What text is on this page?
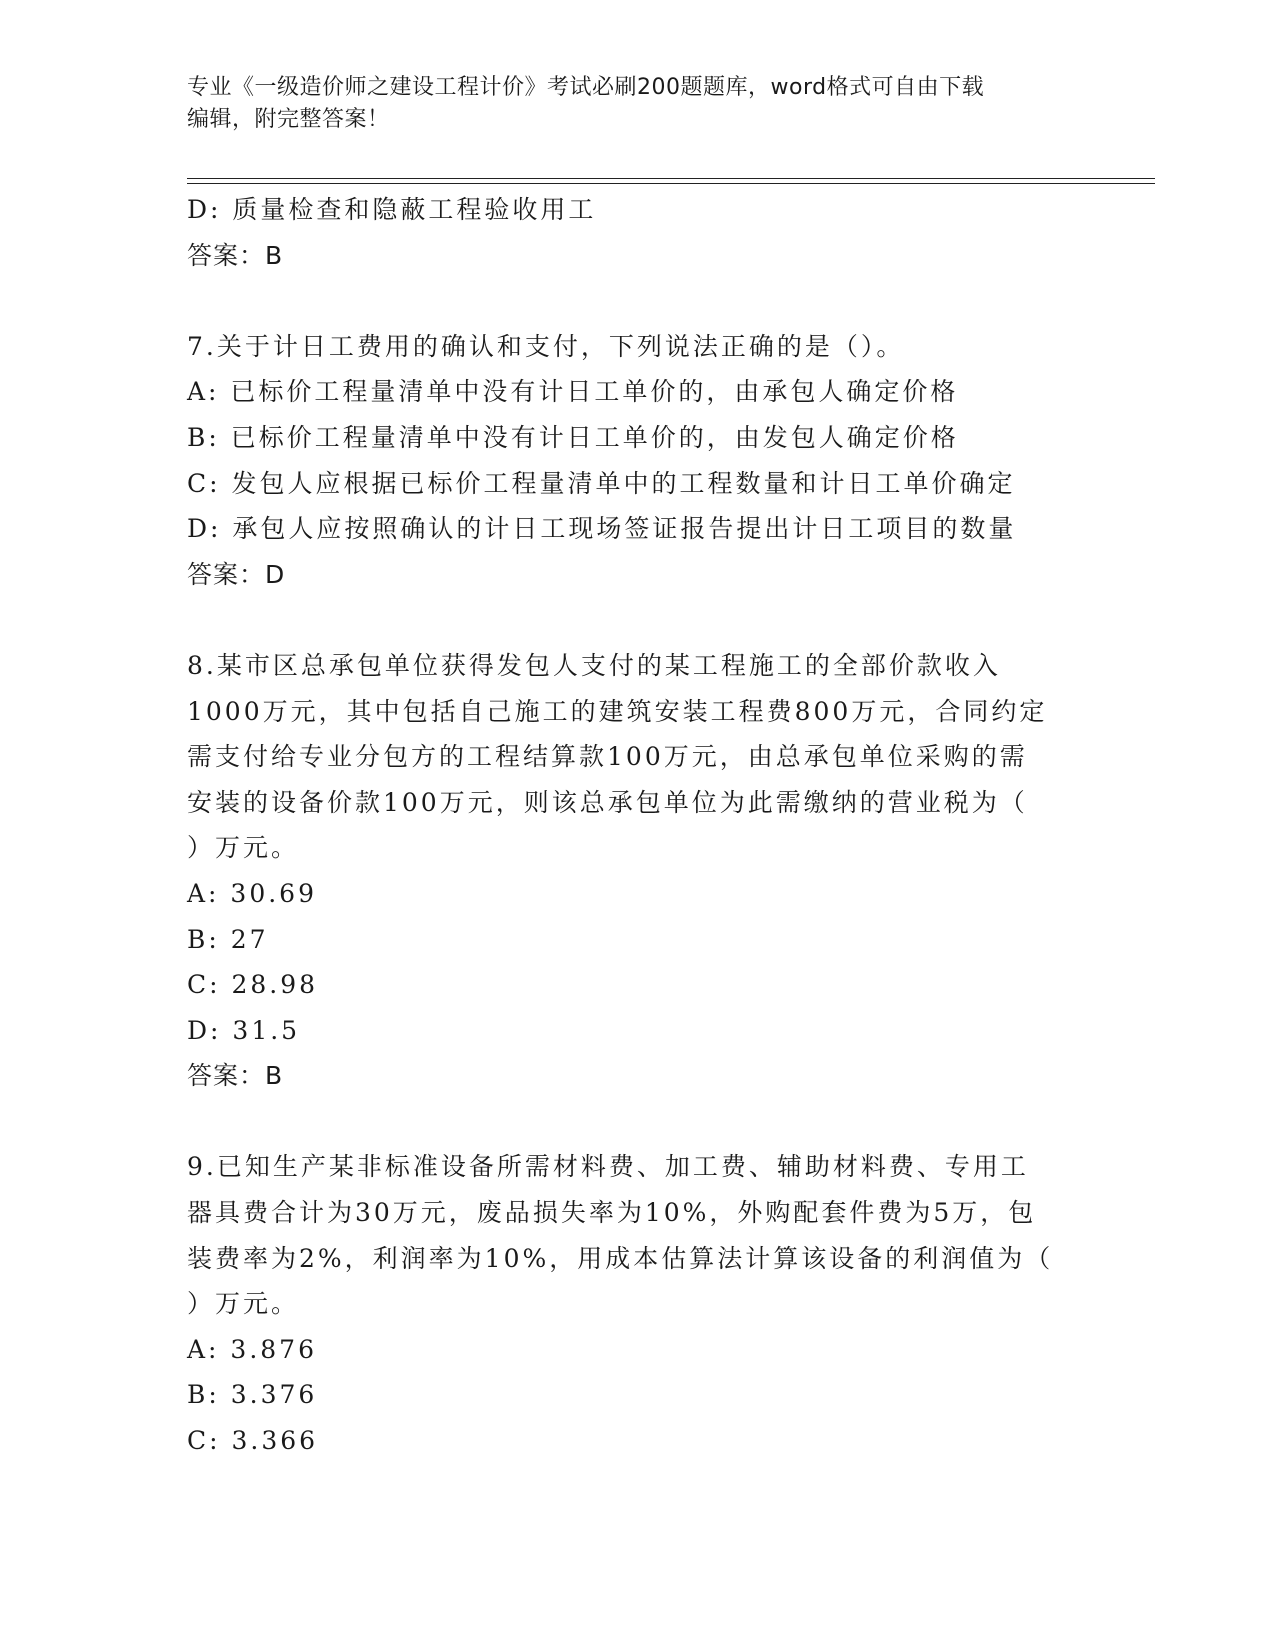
专业《一级造价师之建设工程计价》考试必刷200题题库，word格式可自由下载
编辑，附完整答案！
D: 质量检查和隐蔽工程验收用工
答案：B
7.关于计日工费用的确认和支付，下列说法正确的是（）。
A: 已标价工程量清单中没有计日工单价的，由承包人确定价格
B: 已标价工程量清单中没有计日工单价的，由发包人确定价格
C: 发包人应根据已标价工程量清单中的工程数量和计日工单价确定
D: 承包人应按照确认的计日工现场签证报告提出计日工项目的数量
答案：D
8.某市区总承包单位获得发包人支付的某工程施工的全部价款收入
1000万元，其中包括自己施工的建筑安装工程费800万元，合同约定
需支付给专业分包方的工程结算款100万元，由总承包单位采购的需
安装的设备价款100万元，则该总承包单位为此需缴纳的营业税为（
）万元。
A: 30.69
B: 27
C: 28.98
D: 31.5
答案：B
9.已知生产某非标准设备所需材料费、加工费、辅助材料费、专用工
器具费合计为30万元，废品损失率为10%，外购配套件费为5万，包
装费率为2%，利润率为10%，用成本估算法计算该设备的利润值为（
）万元。
A: 3.876
B: 3.376
C: 3.366
